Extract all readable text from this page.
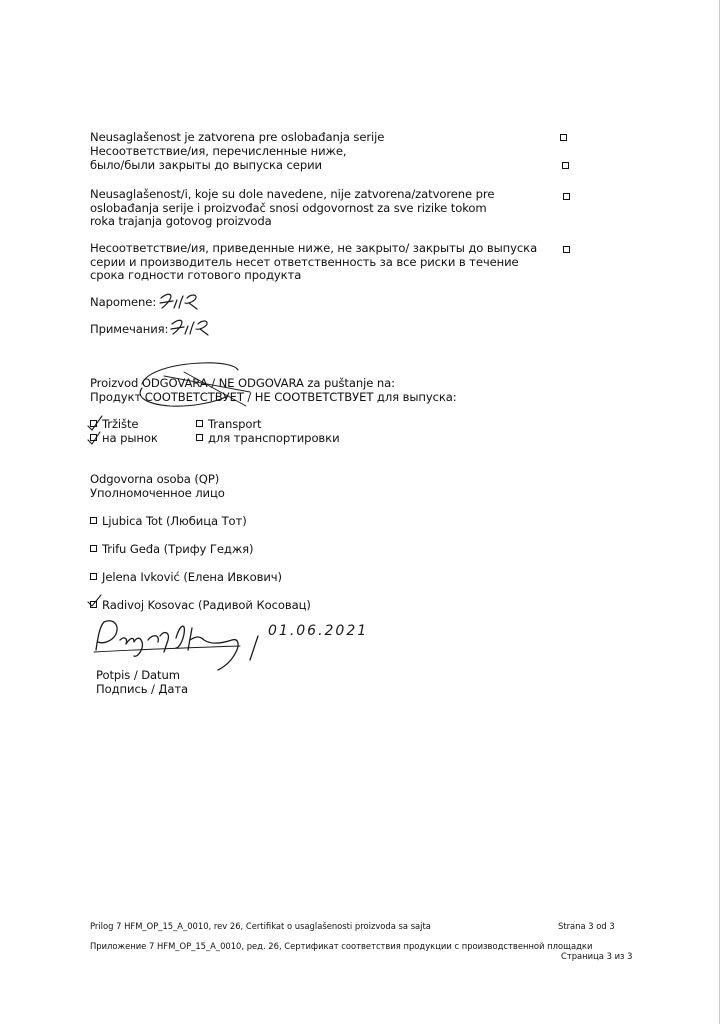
Neusaglašenost je zatvorena pre oslobađanja serije
Несоответствие/ия, перечисленные ниже,
было/были закрыты до выпуска серии
Neusaglašenost/i, koje su dole navedene, nije zatvorena/zatvorene pre
oslobađanja serije i proizvođač snosi odgovornost za sve rizike tokom
roka trajanja gotovog proizvoda
Несоответствие/ия, приведенные ниже, не закрыто/ закрыты до выпуска
серии и производитель несет ответственность за все риски в течение
срока годности готового продукта
Napomene:
Примечания:
Proizvod ODGOVARA / NE ODGOVARA za puštanje na:
Продукт СООТВЕТСТВУЕТ / НЕ СООТВЕТСТВУЕТ для выпуска:
Tržište
на рынок
Transport
для транспортировки
Odgovorna osoba (QP)
Уполномоченное лицо
Ljubica Tot (Любица Тот)
Trifu Geđa (Трифу Геджя)
Jelena Ivković (Елена Ивкович)
Radivoj Kosovac (Радивой Косовац)
01.06.2021
Potpis / Datum
Подпись / Дата
Prilog 7 HFM_OP_15_A_0010, rev 26, Certifikat o usaglašenosti proizvoda sa sajta	Strana 3 od 3
Приложение 7 HFM_OP_15_A_0010, ред. 26, Сертификат соответствия продукции с производственной площадки
Страница 3 из 3
